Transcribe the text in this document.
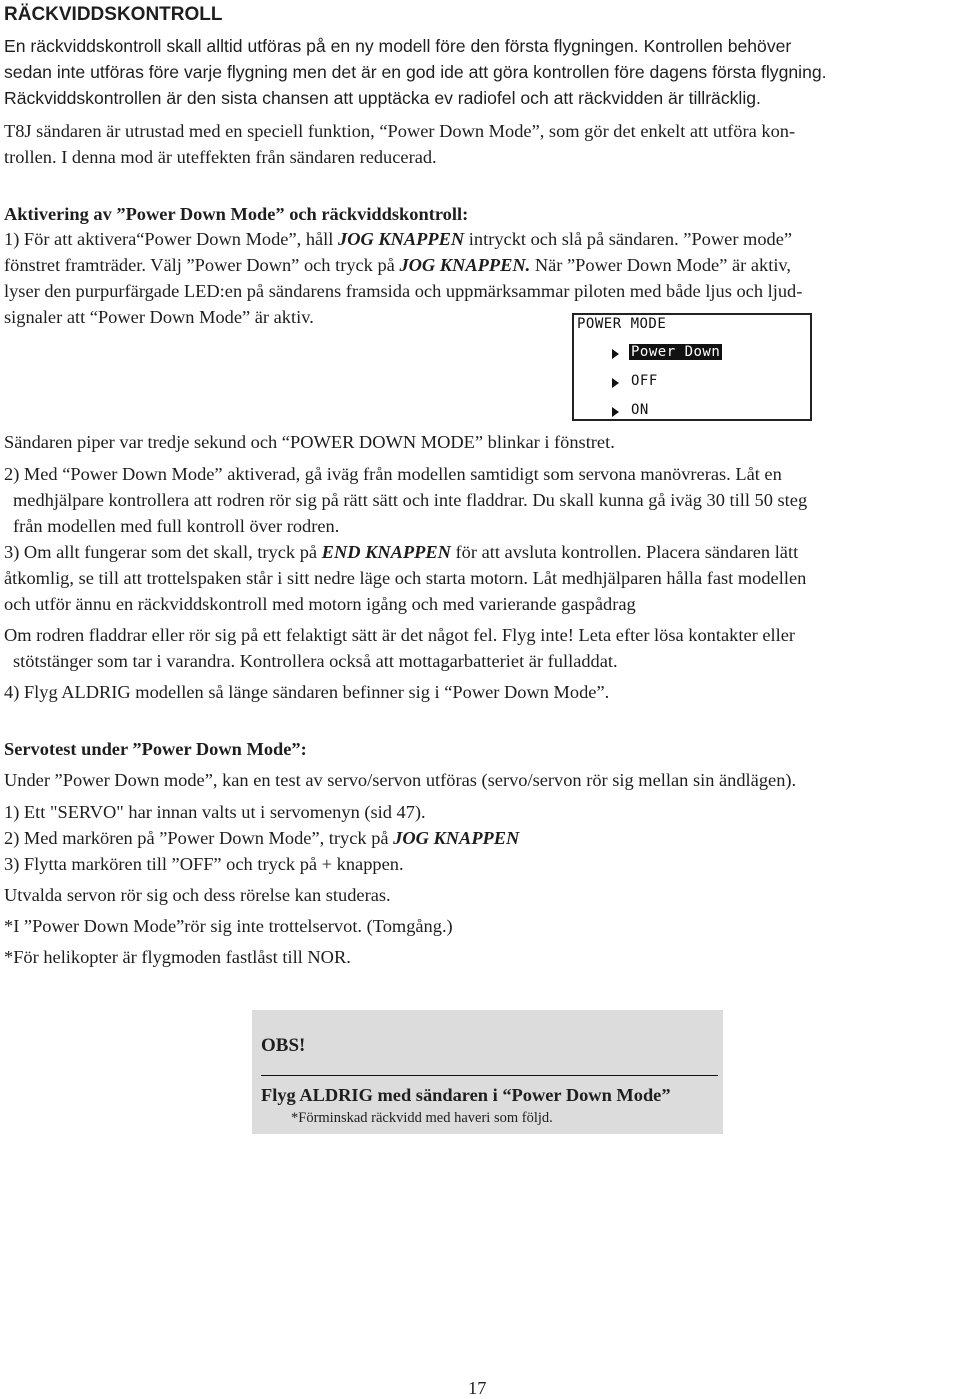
RÄCKVIDDSKONTROLL
En räckviddskontroll skall alltid utföras på en ny modell före den första flygningen. Kontrollen behöver
sedan inte utföras före varje flygning men det är en god ide att göra kontrollen före dagens första flygning.
Räckviddskontrollen är den sista chansen att upptäcka ev radiofel och att räckvidden är tillräcklig.
T8J sändaren är utrustad med en speciell funktion, “Power Down Mode”, som gör det enkelt att utföra kon-
trollen. I denna mod är uteffekten från sändaren reducerad.
Aktivering av ”Power Down Mode” och räckviddskontroll:
1) För att aktivera“Power Down Mode”, håll JOG KNAPPEN intryckt och slå på sändaren. ”Power mode”
fönstret framträder. Välj ”Power Down” och tryck på JOG KNAPPEN. När ”Power Down Mode” är aktiv,
lyser den purpurfärgade LED:en på sändarens framsida och uppmärksammar piloten med både ljus och ljud-
signaler att “Power Down Mode” är aktiv.	POWER MODE
Power Down
OFF
ON
Sändaren piper var tredje sekund och “POWER DOWN MODE” blinkar i fönstret.
2) Med “Power Down Mode” aktiverad, gå iväg från modellen samtidigt som servona manövreras. Låt en
medhjälpare kontrollera att rodren rör sig på rätt sätt och inte fladdrar. Du skall kunna gå iväg 30 till 50 steg
från modellen med full kontroll över rodren.
3) Om allt fungerar som det skall, tryck på END KNAPPEN för att avsluta kontrollen. Placera sändaren lätt
åtkomlig, se till att trottelspaken står i sitt nedre läge och starta motorn. Låt medhjälparen hålla fast modellen
och utför ännu en räckviddskontroll med motorn igång och med varierande gaspådrag
Om rodren fladdrar eller rör sig på ett felaktigt sätt är det något fel. Flyg inte! Leta efter lösa kontakter eller
stötstänger som tar i varandra. Kontrollera också att mottagarbatteriet är fulladdat.
4) Flyg ALDRIG modellen så länge sändaren befinner sig i “Power Down Mode”.
Servotest under ”Power Down Mode”:
Under ”Power Down mode”, kan en test av servo/servon utföras (servo/servon rör sig mellan sin ändlägen).
1) Ett "SERVO" har innan valts ut i servomenyn (sid 47).
2) Med markören på ”Power Down Mode”, tryck på JOG KNAPPEN
3) Flytta markören till ”OFF” och tryck på + knappen.
Utvalda servon rör sig och dess rörelse kan studeras.
*I ”Power Down Mode”rör sig inte trottelservot. (Tomgång.)
*För helikopter är flygmoden fastlåst till NOR.
OBS!
Flyg ALDRIG med sändaren i “Power Down Mode”
*Förminskad räckvidd med haveri som följd.
17
